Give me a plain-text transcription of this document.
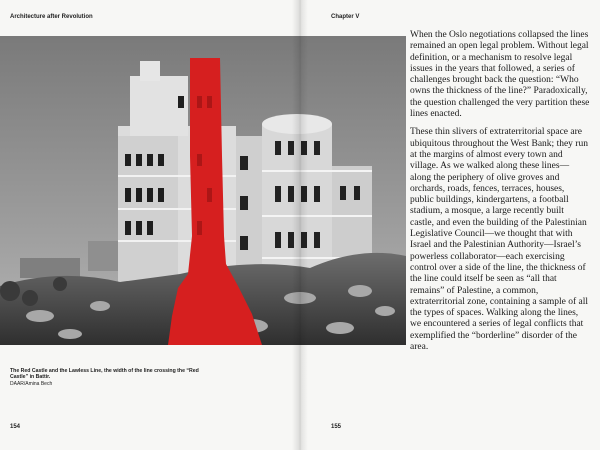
Architecture after Revolution
The Red Castle and the Lawless Line, the width of the line crossing the “Red Castle” in Battir.
DAAR/Amina Bech
154
Chapter V
155

When the Oslo negotiations collapsed the lines remained an open legal problem. Without legal definition, or a mechanism to resolve legal issues in the years that followed, a series of challenges brought back the question: “Who owns the thickness of the line?” Paradoxically, the question challenged the very partition these lines enacted.

These thin slivers of extraterritorial space are ubiquitous throughout the West Bank; they run at the margins of almost every town and village. As we walked along these lines—along the periphery of olive groves and orchards, roads, fences, terraces, houses, public buildings, kindergartens, a football stadium, a mosque, a large recently built castle, and even the building of the Palestinian Legislative Council—we thought that with Israel and the Palestinian Authority—Israel’s powerless collaborator—each exercising control over a side of the line, the thickness of the line could itself be seen as “all that remains” of Palestine, a common, extraterritorial zone, containing a sample of all the types of spaces. Walking along the lines, we encountered a series of legal conflicts that exemplified the “borderline” disorder of the area.
